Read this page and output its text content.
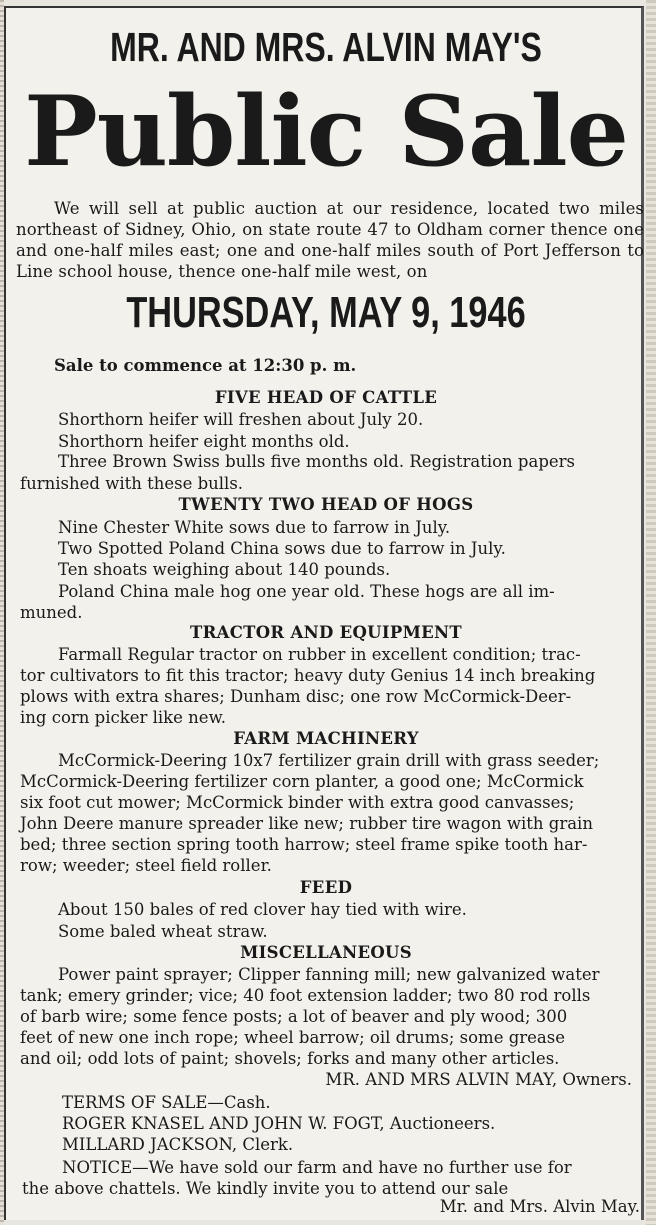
MR. AND MRS. ALVIN MAY'S
Public Sale
We will sell at public auction at our residence, located two miles northeast of Sidney, Ohio, on state route 47 to Oldham corner thence one and one-half miles east; one and one-half miles south of Port Jefferson to Line school house, thence one-half mile west, on
THURSDAY, MAY 9, 1946
Sale to commence at 12:30 p. m.
FIVE HEAD OF CATTLE
Shorthorn heifer will freshen about July 20.
Shorthorn heifer eight months old.
Three Brown Swiss bulls five months old. Registration papers
furnished with these bulls.
TWENTY TWO HEAD OF HOGS
Nine Chester White sows due to farrow in July.
Two Spotted Poland China sows due to farrow in July.
Ten shoats weighing about 140 pounds.
Poland China male hog one year old. These hogs are all im-
muned.
TRACTOR AND EQUIPMENT
Farmall Regular tractor on rubber in excellent condition; trac-
tor cultivators to fit this tractor; heavy duty Genius 14 inch breaking
plows with extra shares; Dunham disc; one row McCormick-Deer-
ing corn picker like new.
FARM MACHINERY
McCormick-Deering 10x7 fertilizer grain drill with grass seeder;
McCormick-Deering fertilizer corn planter, a good one; McCormick
six foot cut mower; McCormick binder with extra good canvasses;
John Deere manure spreader like new; rubber tire wagon with grain
bed; three section spring tooth harrow; steel frame spike tooth har-
row; weeder; steel field roller.
FEED
About 150 bales of red clover hay tied with wire.
Some baled wheat straw.
MISCELLANEOUS
Power paint sprayer; Clipper fanning mill; new galvanized water
tank; emery grinder; vice; 40 foot extension ladder; two 80 rod rolls
of barb wire; some fence posts; a lot of beaver and ply wood; 300
feet of new one inch rope; wheel barrow; oil drums; some grease
and oil; odd lots of paint; shovels; forks and many other articles.
MR. AND MRS ALVIN MAY, Owners.
TERMS OF SALE—Cash.
ROGER KNASEL AND JOHN W. FOGT, Auctioneers.
MILLARD JACKSON, Clerk.
NOTICE—We have sold our farm and have no further use for
the above chattels. We kindly invite you to attend our sale
Mr. and Mrs. Alvin May.
